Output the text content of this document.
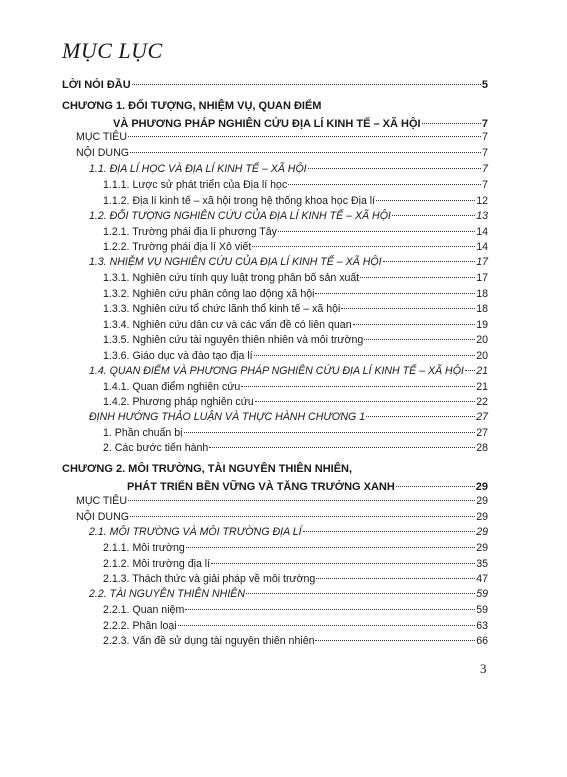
MỤC LỤC
LỜI NÓI ĐẦU	5
CHƯƠNG 1. ĐỐI TƯỢNG, NHIỆM VỤ, QUAN ĐIỂM
VÀ PHƯƠNG PHÁP NGHIÊN CỨU ĐỊA LÍ KINH TẾ – XÃ HỘI	7
MỤC TIÊU	7
NỘI DUNG	7
1.1. ĐỊA LÍ HỌC VÀ ĐỊA LÍ KINH TẾ – XÃ HỘI	7
1.1.1. Lược sử phát triển của Địa lí học	7
1.1.2. Địa lí kinh tế – xã hội trong hệ thống khoa học Địa lí	12
1.2. ĐỐI TƯỢNG NGHIÊN CỨU CỦA ĐỊA LÍ KINH TẾ – XÃ HỘI	13
1.2.1. Trường phái địa lí phương Tây	14
1.2.2. Trường phái địa lí Xô viết	14
1.3. NHIỆM VỤ NGHIÊN CỨU CỦA ĐỊA LÍ KINH TẾ – XÃ HỘI	17
1.3.1. Nghiên cứu tính quy luật trong phân bố sản xuất	17
1.3.2. Nghiên cứu phân công lao động xã hội	18
1.3.3. Nghiên cứu tổ chức lãnh thổ kinh tế – xã hội	18
1.3.4. Nghiên cứu dân cư và các vấn đề có liên quan	19
1.3.5. Nghiên cứu tài nguyên thiên nhiên và môi trường	20
1.3.6. Giáo dục và đào tạo địa lí	20
1.4. QUAN ĐIỂM VÀ PHƯƠNG PHÁP NGHIÊN CỨU ĐỊA LÍ KINH TẾ – XÃ HỘI 21
1.4.1. Quan điểm nghiên cứu	21
1.4.2. Phương pháp nghiên cứu	22
ĐỊNH HƯỚNG THẢO LUẬN VÀ THỰC HÀNH CHƯƠNG 1	27
1. Phần chuẩn bị	27
2. Các bước tiến hành	28
CHƯƠNG 2. MÔI TRƯỜNG, TÀI NGUYÊN THIÊN NHIÊN,
PHÁT TRIỂN BỀN VỮNG VÀ TĂNG TRƯỞNG XANH	29
MỤC TIÊU	29
NỘI DUNG	29
2.1. MÔI TRƯỜNG VÀ MÔI TRƯỜNG ĐỊA LÍ	29
2.1.1. Môi trường	29
2.1.2. Môi trường địa lí	35
2.1.3. Thách thức và giải pháp về môi trường	47
2.2. TÀI NGUYÊN THIÊN NHIÊN	59
2.2.1. Quan niệm	59
2.2.2. Phân loại	63
2.2.3. Vấn đề sử dụng tài nguyên thiên nhiên	66
3
